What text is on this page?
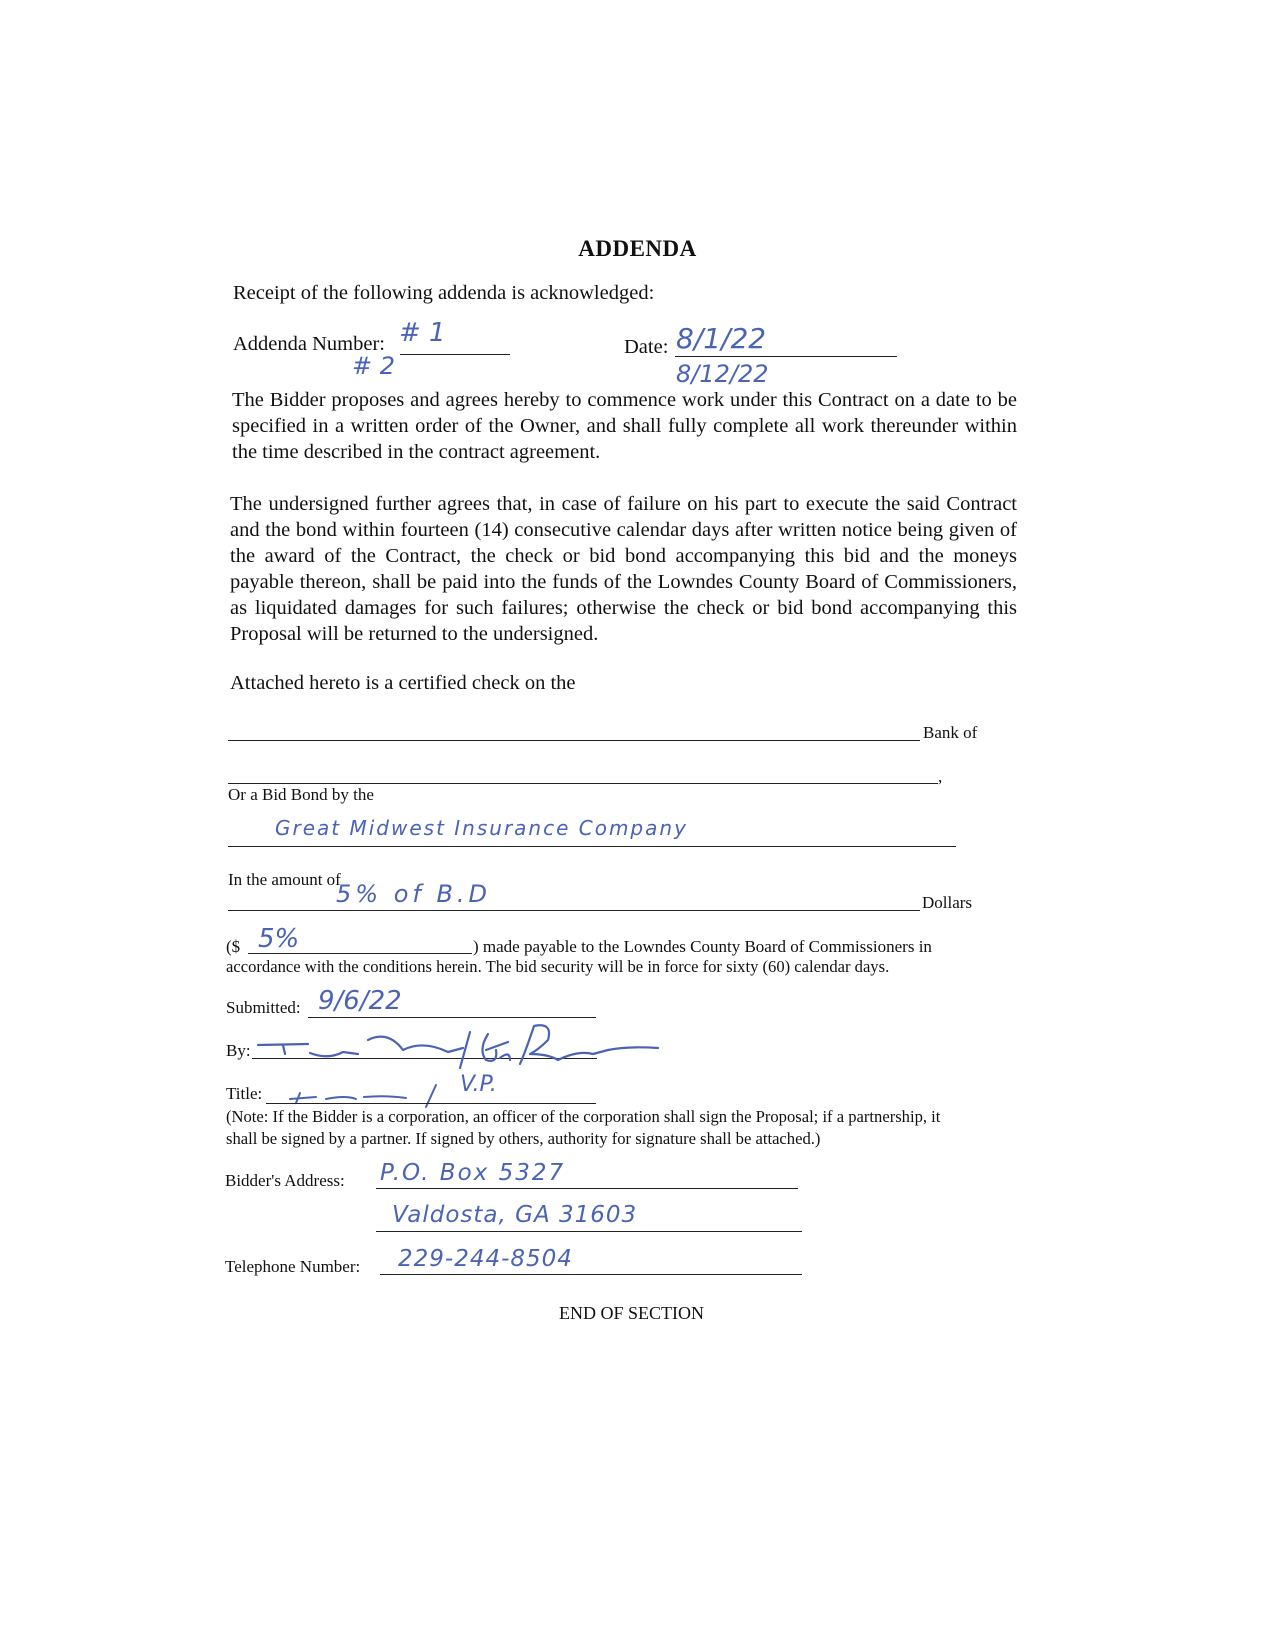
ADDENDA
Receipt of the following addenda is acknowledged:
Addenda Number: # 1
# 2
Date: 8/1/22
8/12/22
The Bidder proposes and agrees hereby to commence work under this Contract on a date to be specified in a written order of the Owner, and shall fully complete all work thereunder within the time described in the contract agreement.
The undersigned further agrees that, in case of failure on his part to execute the said Contract and the bond within fourteen (14) consecutive calendar days after written notice being given of the award of the Contract, the check or bid bond accompanying this bid and the moneys payable thereon, shall be paid into the funds of the Lowndes County Board of Commissioners, as liquidated damages for such failures; otherwise the check or bid bond accompanying this Proposal will be returned to the undersigned.
Attached hereto is a certified check on the
Bank of
,
Or a Bid Bond by the
Great Midwest Insurance Company
In the amount of
5% of B.D	Dollars
($ 5%	) made payable to the Lowndes County Board of Commissioners in
accordance with the conditions herein. The bid security will be in force for sixty (60) calendar days.
Submitted: 9/6/22
By:
Title:	V.P.
(Note: If the Bidder is a corporation, an officer of the corporation shall sign the Proposal; if a partnership, it
shall be signed by a partner. If signed by others, authority for signature shall be attached.)
Bidder's Address: P.O. Box 5327
Valdosta, GA 31603
Telephone Number: 229-244-8504
END OF SECTION
